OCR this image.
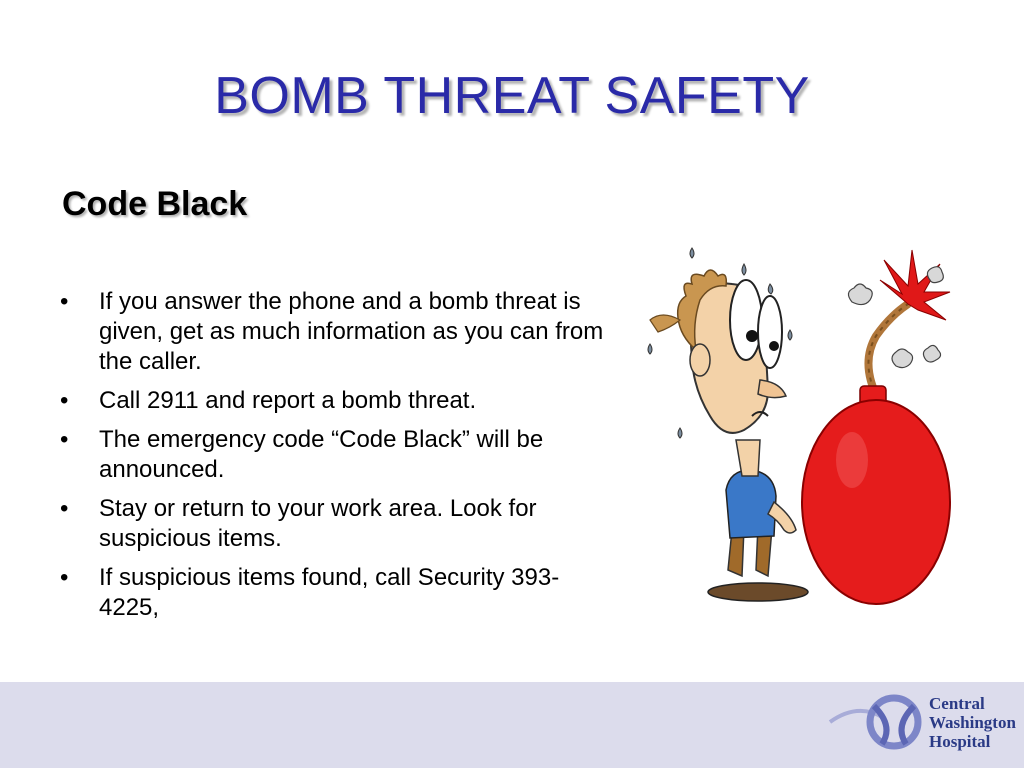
BOMB THREAT SAFETY
Code Black
• If you answer the phone and a bomb threat is given, get as much information as you can from the caller.
• Call 2911 and report a bomb threat.
• The emergency code “Code Black” will be announced.
• Stay or return to your work area. Look for suspicious items.
• If suspicious items found, call Security 393-4225,
Central
Washington
Hospital
